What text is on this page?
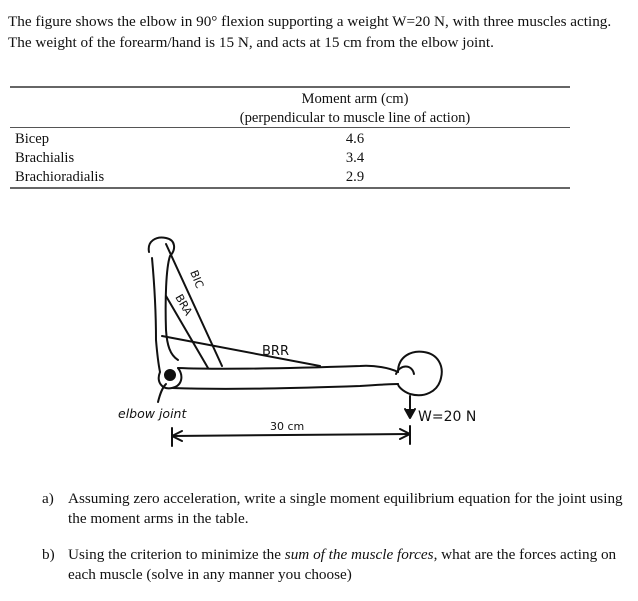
The figure shows the elbow in 90° flexion supporting a weight W=20 N, with three muscles acting. The weight of the forearm/hand is 15 N, and acts at 15 cm from the elbow joint.

Moment arm (cm)
(perpendicular to muscle line of action)
Bicep	4.6
Brachialis	3.4
Brachioradialis	2.9
BIC
BRA
BRR
elbow joint
30 cm
W=20 N
a) Assuming zero acceleration, write a single moment equilibrium equation for the joint using the moment arms in the table.
b) Using the criterion to minimize the sum of the muscle forces, what are the forces acting on each muscle (solve in any manner you choose)
